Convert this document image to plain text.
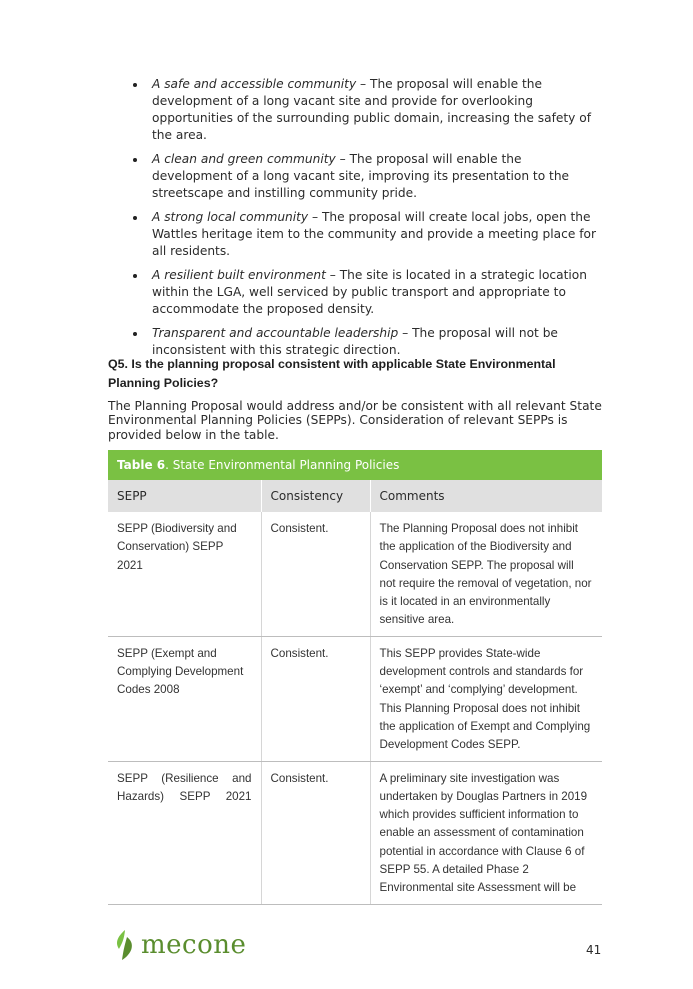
A safe and accessible community – The proposal will enable the development of a long vacant site and provide for overlooking opportunities of the surrounding public domain, increasing the safety of the area.
A clean and green community – The proposal will enable the development of a long vacant site, improving its presentation to the streetscape and instilling community pride.
A strong local community – The proposal will create local jobs, open the Wattles heritage item to the community and provide a meeting place for all residents.
A resilient built environment – The site is located in a strategic location within the LGA, well serviced by public transport and appropriate to accommodate the proposed density.
Transparent and accountable leadership – The proposal will not be inconsistent with this strategic direction.
Q5. Is the planning proposal consistent with applicable State Environmental Planning Policies?
The Planning Proposal would address and/or be consistent with all relevant State Environmental Planning Policies (SEPPs). Consideration of relevant SEPPs is provided below in the table.
Table 6. State Environmental Planning Policies
SEPP	Consistency	Comments
SEPP (Biodiversity and Conservation) SEPP 2021	Consistent.	The Planning Proposal does not inhibit the application of the Biodiversity and Conservation SEPP. The proposal will not require the removal of vegetation, nor is it located in an environmentally sensitive area.
SEPP (Exempt and Complying Development Codes 2008	Consistent.	This SEPP provides State-wide development controls and standards for ‘exempt’ and ‘complying’ development. This Planning Proposal does not inhibit the application of Exempt and Complying Development Codes SEPP.
SEPP (Resilience and Hazards) SEPP 2021	Consistent.	A preliminary site investigation was undertaken by Douglas Partners in 2019 which provides sufficient information to enable an assessment of contamination potential in accordance with Clause 6 of SEPP 55. A detailed Phase 2 Environmental site Assessment will be
mecone	41
